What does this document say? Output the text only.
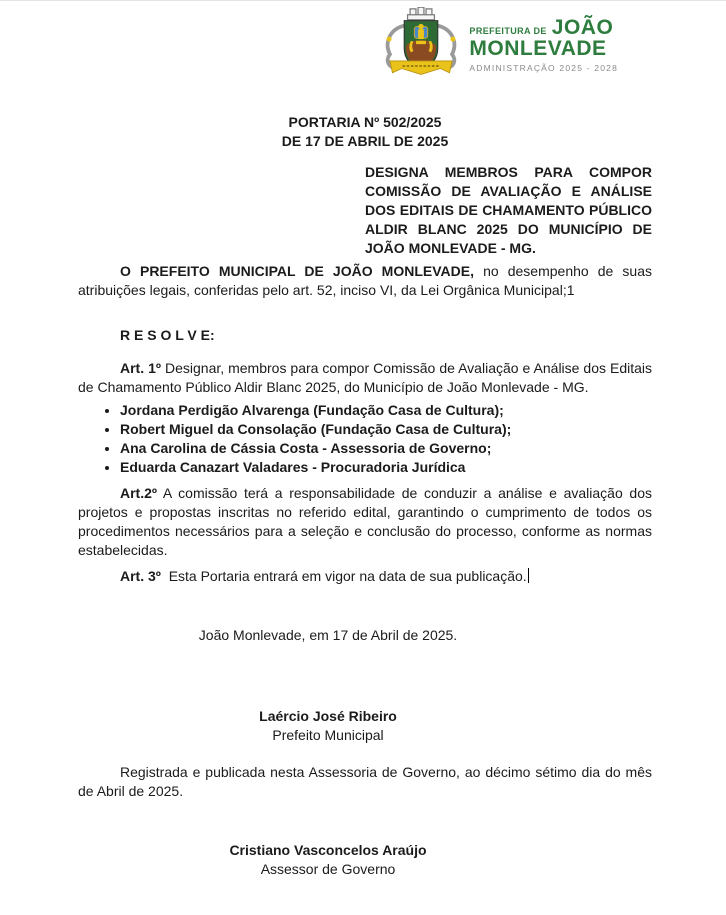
PREFEITURA DE JOÃO
MONLEVADE
ADMINISTRAÇÃO 2025 - 2028
PORTARIA Nº 502/2025
DE 17 DE ABRIL DE 2025

DESIGNA MEMBROS PARA COMPOR COMISSÃO DE AVALIAÇÃO E ANÁLISE DOS EDITAIS DE CHAMAMENTO PÚBLICO ALDIR BLANC 2025 DO MUNICÍPIO DE JOÃO MONLEVADE - MG.

O PREFEITO MUNICIPAL DE JOÃO MONLEVADE, no desempenho de suas atribuições legais, conferidas pelo art. 52, inciso VI, da Lei Orgânica Municipal;1

R E S O L V E:

Art. 1º Designar, membros para compor Comissão de Avaliação e Análise dos Editais de Chamamento Público Aldir Blanc 2025, do Município de João Monlevade - MG.

• Jordana Perdigão Alvarenga (Fundação Casa de Cultura);
• Robert Miguel da Consolação (Fundação Casa de Cultura);
• Ana Carolina de Cássia Costa - Assessoria de Governo;
• Eduarda Canazart Valadares - Procuradoria Jurídica

Art.2º A comissão terá a responsabilidade de conduzir a análise e avaliação dos projetos e propostas inscritas no referido edital, garantindo o cumprimento de todos os procedimentos necessários para a seleção e conclusão do processo, conforme as normas estabelecidas.

Art. 3º Esta Portaria entrará em vigor na data de sua publicação.

João Monlevade, em 17 de Abril de 2025.

Laércio José Ribeiro
Prefeito Municipal

Registrada e publicada nesta Assessoria de Governo, ao décimo sétimo dia do mês de Abril de 2025.

Cristiano Vasconcelos Araújo
Assessor de Governo
